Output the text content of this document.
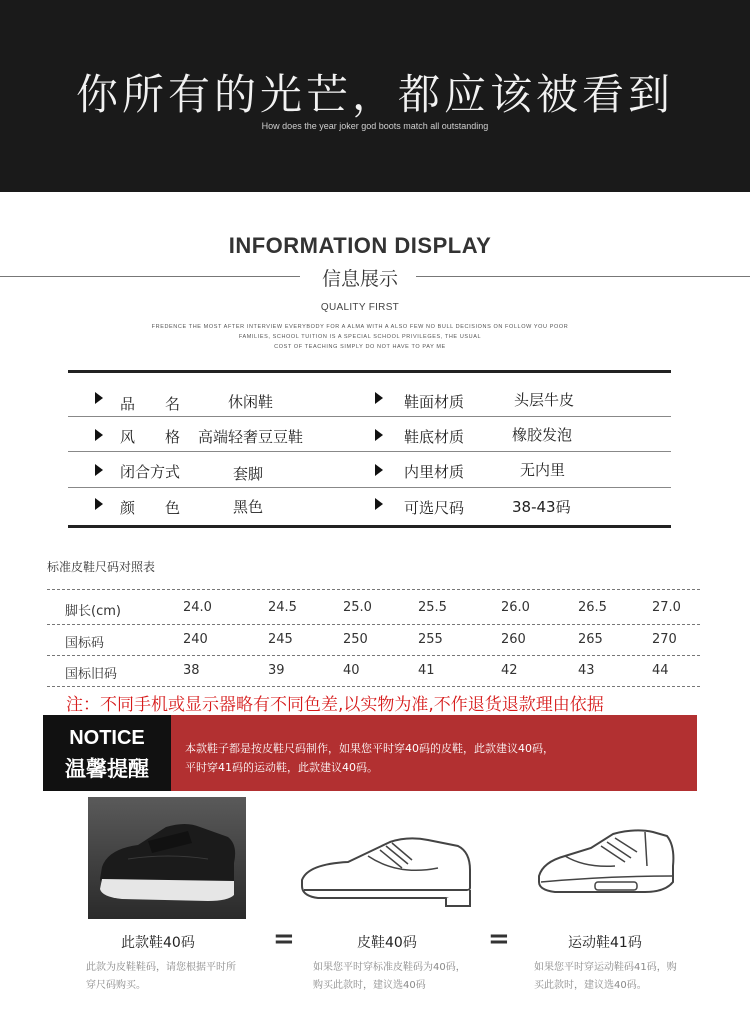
你所有的光芒，都应该被看到
How does the year joker god boots match all outstanding
INFORMATION DISPLAY
信息展示
QUALITY FIRST
FREDENCE THE MOST AFTER INTERVIEW EVERYBODY FOR A ALMA WITH A ALSO FEW NO BULL DECISIONS ON FOLLOW YOU POOR
FAMILIES, SCHOOL TUITION IS A SPECIAL SCHOOL PRIVILEGES, THE USUAL
COST OF TEACHING SIMPLY DO NOT HAVE TO PAY ME
品　　名	休闲鞋	鞋面材质	头层牛皮
风　　格 高端轻奢豆豆鞋	鞋底材质	橡胶发泡
闭合方式	套脚	内里材质	无内里
颜　　色	黑色	可选尺码	38-43码
标准皮鞋尺码对照表
脚长(cm)	24.0	24.5	25.0	25.5	26.0	26.5	27.0
国标码	240	245	250	255	260	265	270
国标旧码	38	39	40	41	42	43	44
注：不同手机或显示器略有不同色差,以实物为准,不作退货退款理由依据
NOTICE
温馨提醒
本款鞋子都是按皮鞋尺码制作，如果您平时穿40码的皮鞋，此款建议40码，
平时穿41码的运动鞋，此款建议40码。
此款鞋40码	皮鞋40码	运动鞋41码
=	=
此款为皮鞋鞋码，请您根据平时所
穿尺码购买。
如果您平时穿标准皮鞋码为40码，
购买此款时，建议选40码
如果您平时穿运动鞋码41码，购
买此款时，建议选40码。
